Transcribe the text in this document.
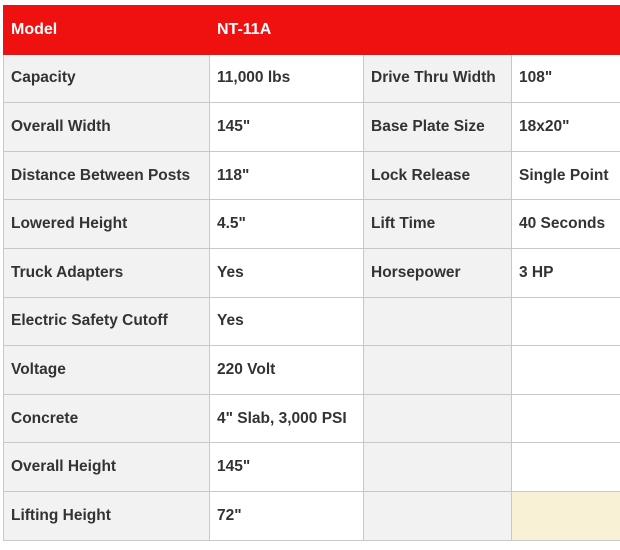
Model	NT-11A		
Capacity	11,000 lbs	Drive Thru Width	108"
Overall Width	145"	Base Plate Size	18x20"
Distance Between Posts	118"	Lock Release	Single Point
Lowered Height	4.5"	Lift Time	40 Seconds
Truck Adapters	Yes	Horsepower	3 HP
Electric Safety Cutoff	Yes		
Voltage	220 Volt		
Concrete	4" Slab, 3,000 PSI		
Overall Height	145"		
Lifting Height	72"		
